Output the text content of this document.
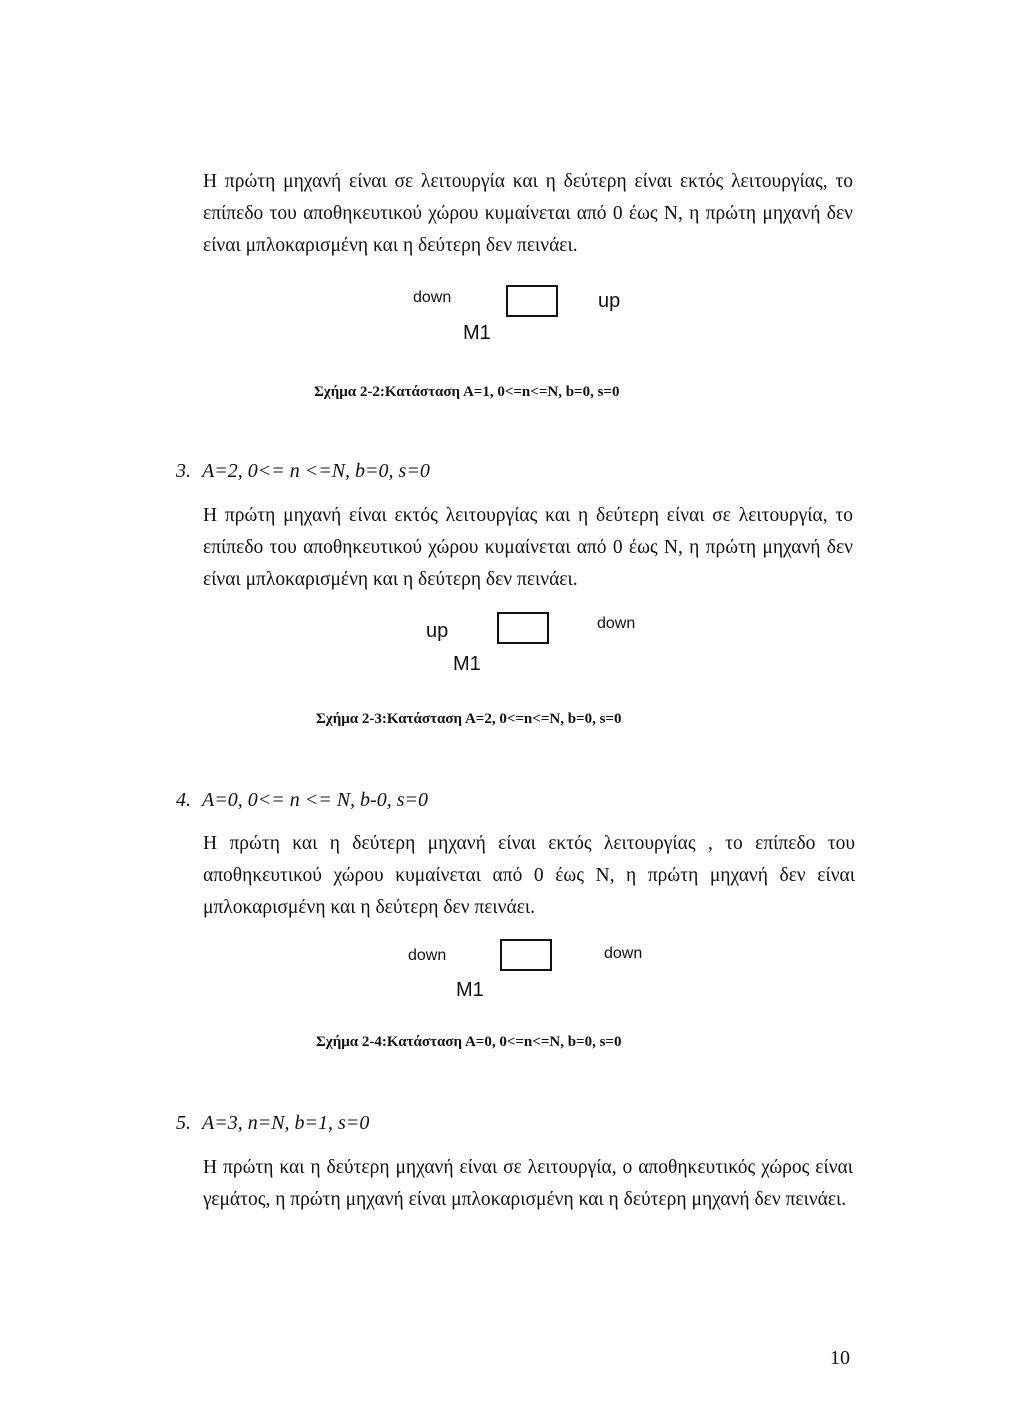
Η πρώτη μηχανή είναι σε λειτουργία και η δεύτερη είναι εκτός λειτουργίας, το επίπεδο του αποθηκευτικού χώρου κυμαίνεται από 0 έως Ν, η πρώτη μηχανή δεν είναι μπλοκαρισμένη και η δεύτερη δεν πεινάει.

down	up
M1

Σχήμα 2-2:Κατάσταση Α=1, 0<=n<=N, b=0, s=0

3. A=2, 0<= n <=N, b=0, s=0

Η πρώτη μηχανή είναι εκτός λειτουργίας και η δεύτερη είναι σε λειτουργία, το επίπεδο του αποθηκευτικού χώρου κυμαίνεται από 0 έως Ν, η πρώτη μηχανή δεν είναι μπλοκαρισμένη και η δεύτερη δεν πεινάει.

up	down
M1

Σχήμα 2-3:Κατάσταση Α=2, 0<=n<=N, b=0, s=0

4. A=0, 0<= n <= N, b-0, s=0

Η πρώτη και η δεύτερη μηχανή είναι εκτός λειτουργίας , το επίπεδο του αποθηκευτικού χώρου κυμαίνεται από 0 έως Ν, η πρώτη μηχανή δεν είναι μπλοκαρισμένη και η δεύτερη δεν πεινάει.

down	down
M1

Σχήμα 2-4:Κατάσταση Α=0, 0<=n<=N, b=0, s=0

5. A=3, n=N, b=1, s=0

Η πρώτη και η δεύτερη μηχανή είναι σε λειτουργία, ο αποθηκευτικός χώρος είναι γεμάτος, η πρώτη μηχανή είναι μπλοκαρισμένη και η δεύτερη μηχανή δεν πεινάει.

10
